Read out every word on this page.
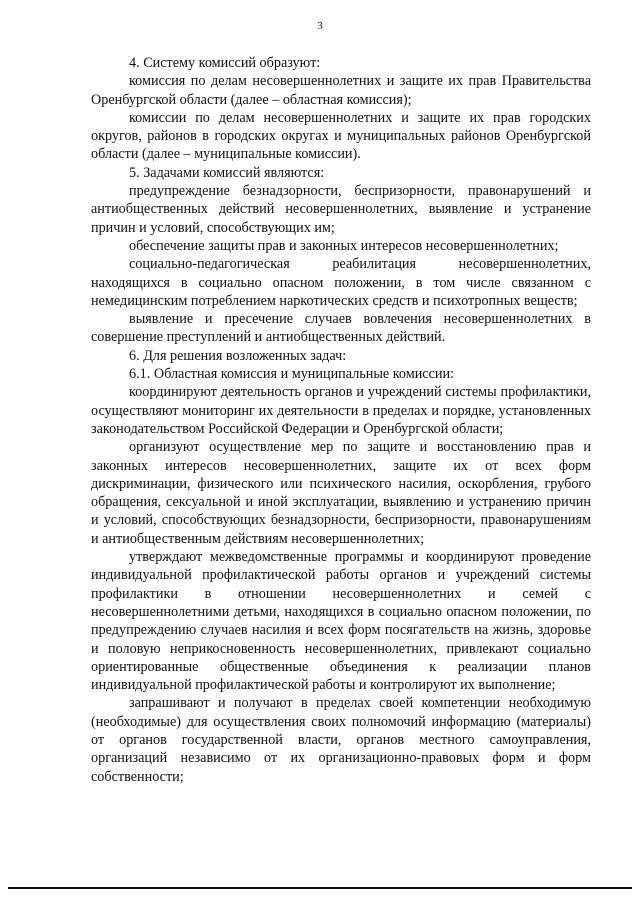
3

4. Систему комиссий образуют:

комиссия по делам несовершеннолетних и защите их прав Правительства Оренбургской области (далее – областная комиссия);

комиссии по делам несовершеннолетних и защите их прав городских округов, районов в городских округах и муниципальных районов Оренбургской области (далее – муниципальные комиссии).

5. Задачами комиссий являются:

предупреждение безнадзорности, беспризорности, правонарушений и антиобщественных действий несовершеннолетних, выявление и устранение причин и условий, способствующих им;

обеспечение защиты прав и законных интересов несовершеннолетних;

социально-педагогическая реабилитация несовершеннолетних, находящихся в социально опасном положении, в том числе связанном с немедицинским потреблением наркотических средств и психотропных веществ;

выявление и пресечение случаев вовлечения несовершеннолетних в совершение преступлений и антиобщественных действий.

6. Для решения возложенных задач:

6.1. Областная комиссия и муниципальные комиссии:

координируют деятельность органов и учреждений системы профилактики, осуществляют мониторинг их деятельности в пределах и порядке, установленных законодательством Российской Федерации и Оренбургской области;

организуют осуществление мер по защите и восстановлению прав и законных интересов несовершеннолетних, защите их от всех форм дискриминации, физического или психического насилия, оскорбления, грубого обращения, сексуальной и иной эксплуатации, выявлению и устранению причин и условий, способствующих безнадзорности, беспризорности, правонарушениям и антиобщественным действиям несовершеннолетних;

утверждают межведомственные программы и координируют проведение индивидуальной профилактической работы органов и учреждений системы профилактики в отношении несовершеннолетних и семей с несовершеннолетними детьми, находящихся в социально опасном положении, по предупреждению случаев насилия и всех форм посягательств на жизнь, здоровье и половую неприкосновенность несовершеннолетних, привлекают социально ориентированные общественные объединения к реализации планов индивидуальной профилактической работы и контролируют их выполнение;

запрашивают и получают в пределах своей компетенции необходимую (необходимые) для осуществления своих полномочий информацию (материалы) от органов государственной власти, органов местного самоуправления, организаций независимо от их организационно-правовых форм и форм собственности;
